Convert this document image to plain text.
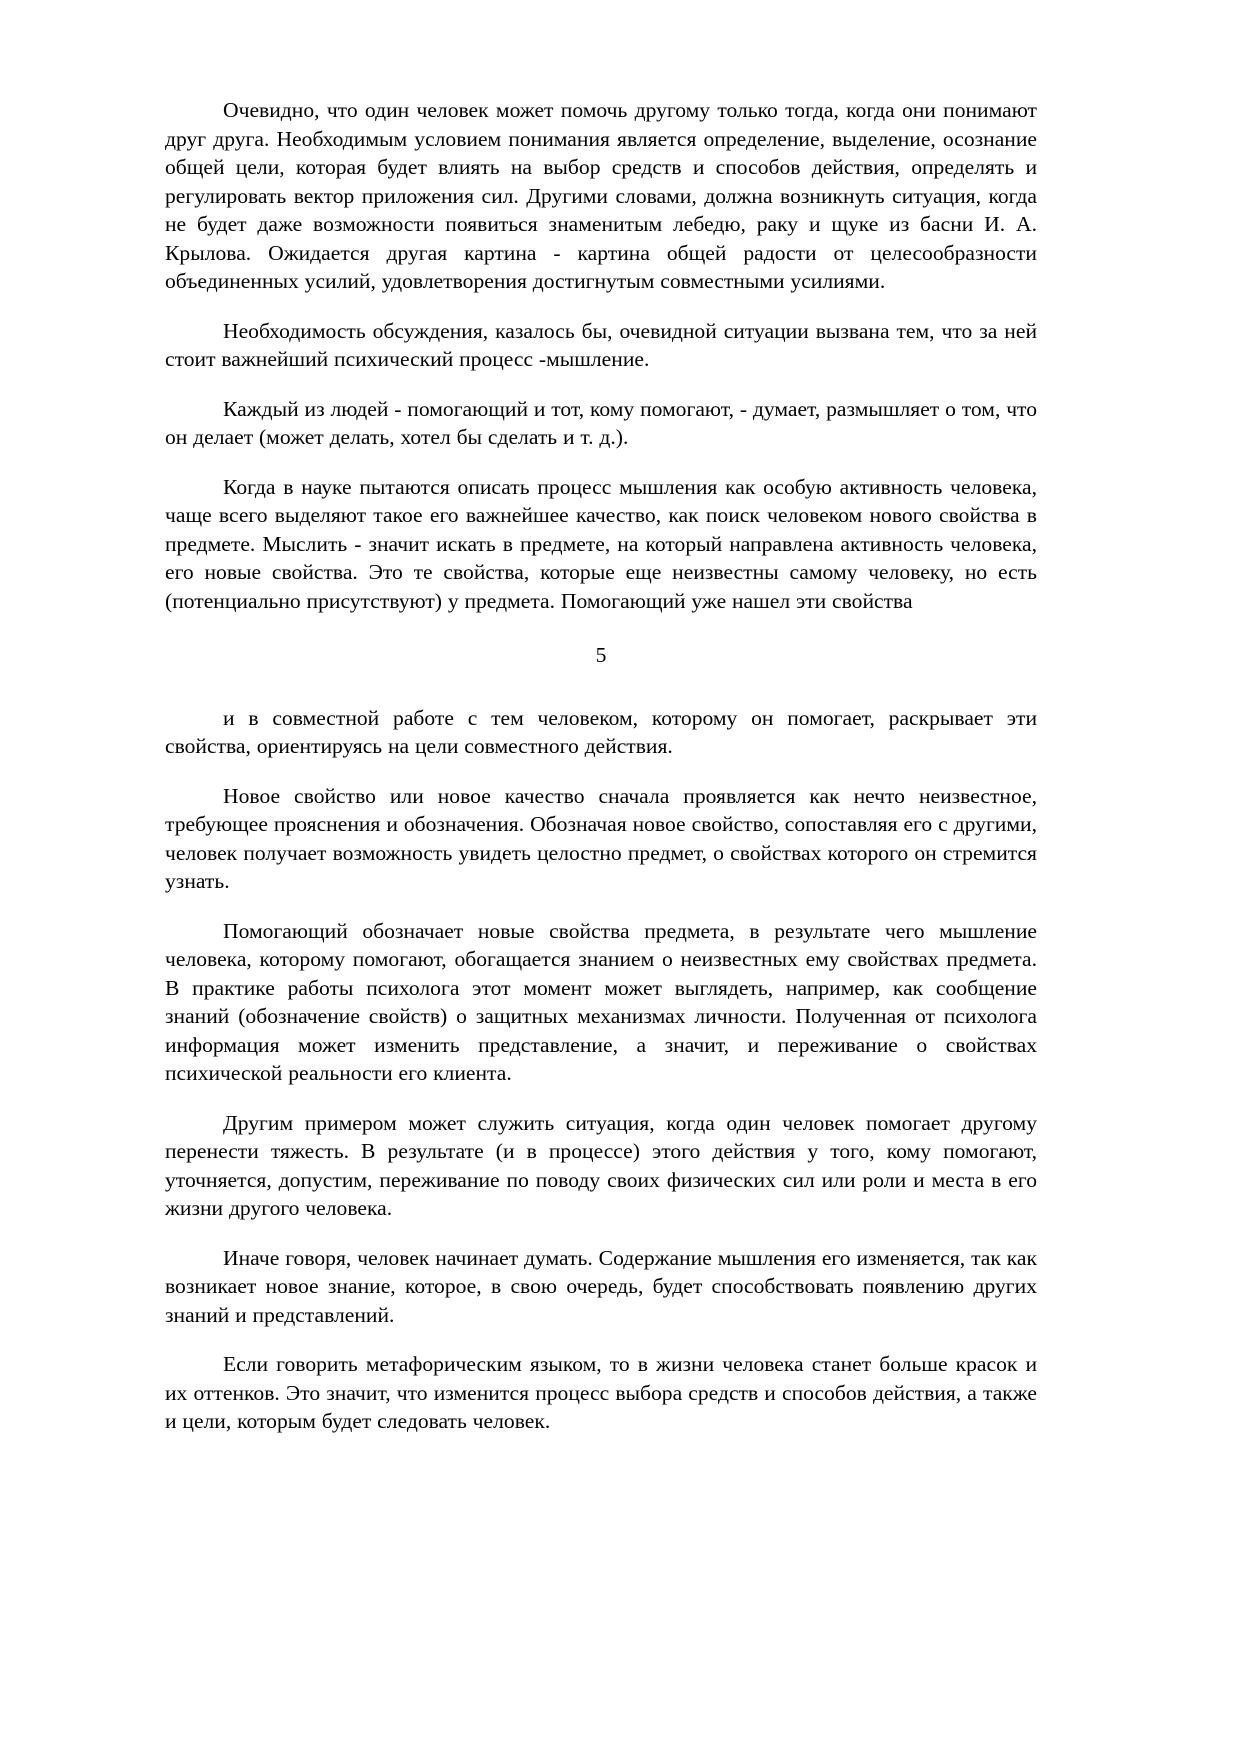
Очевидно, что один человек может помочь другому только тогда, когда они понимают друг друга. Необходимым условием понимания является определение, выделение, осознание общей цели, которая будет влиять на выбор средств и способов действия, определять и регулировать вектор приложения сил. Другими словами, должна возникнуть ситуация, когда не будет даже возможности появиться знаменитым лебедю, раку и щуке из басни И. А. Крылова. Ожидается другая картина - картина общей радости от целесообразности объединенных усилий, удовлетворения достигнутым совместными усилиями.

Необходимость обсуждения, казалось бы, очевидной ситуации вызвана тем, что за ней стоит важнейший психический процесс -мышление.

Каждый из людей - помогающий и тот, кому помогают, - думает, размышляет о том, что он делает (может делать, хотел бы сделать и т. д.).

Когда в науке пытаются описать процесс мышления как особую активность человека, чаще всего выделяют такое его важнейшее качество, как поиск человеком нового свойства в предмете. Мыслить - значит искать в предмете, на который направлена активность человека, его новые свойства. Это те свойства, которые еще неизвестны самому человеку, но есть (потенциально присутствуют) у предмета. Помогающий уже нашел эти свойства

5

и в совместной работе с тем человеком, которому он помогает, раскрывает эти свойства, ориентируясь на цели совместного действия.

Новое свойство или новое качество сначала проявляется как нечто неизвестное, требующее прояснения и обозначения. Обозначая новое свойство, сопоставляя его с другими, человек получает возможность увидеть целостно предмет, о свойствах которого он стремится узнать.

Помогающий обозначает новые свойства предмета, в результате чего мышление человека, которому помогают, обогащается знанием о неизвестных ему свойствах предмета. В практике работы психолога этот момент может выглядеть, например, как сообщение знаний (обозначение свойств) о защитных механизмах личности. Полученная от психолога информация может изменить представление, а значит, и переживание о свойствах психической реальности его клиента.

Другим примером может служить ситуация, когда один человек помогает другому перенести тяжесть. В результате (и в процессе) этого действия у того, кому помогают, уточняется, допустим, переживание по поводу своих физических сил или роли и места в его жизни другого человека.

Иначе говоря, человек начинает думать. Содержание мышления его изменяется, так как возникает новое знание, которое, в свою очередь, будет способствовать появлению других знаний и представлений.

Если говорить метафорическим языком, то в жизни человека станет больше красок и их оттенков. Это значит, что изменится процесс выбора средств и способов действия, а также и цели, которым будет следовать человек.
